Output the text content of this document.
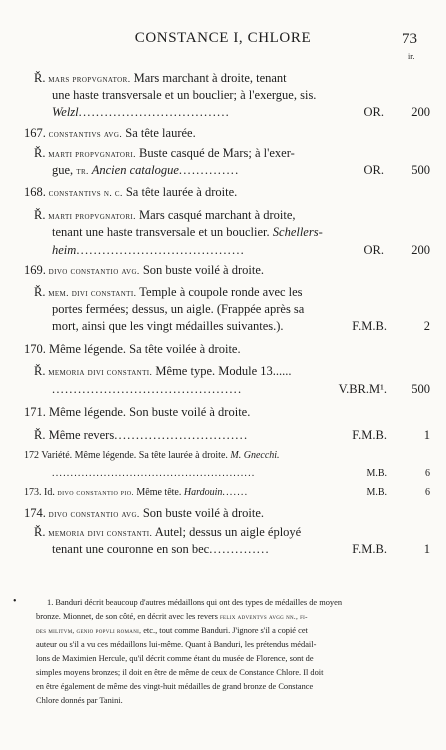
CONSTANCE I, CHLORE	73
ir.
Ř. mars propvgnator. Mars marchant à droite, tenant
une haste transversale et un bouclier; à l'exergue, sis.
Welzl...................................	OR.	200
167. constantivs avg. Sa tête laurée.
Ř. marti propvgnatori. Buste casqué de Mars; à l'exer-
gue, tr. Ancien catalogue..............	OR.	500
168. constantivs n. c. Sa tête laurée à droite.
Ř. marti propvgnatori. Mars casqué marchant à droite,
tenant une haste transversale et un bouclier. Schellers-
heim.......................................	OR.	200
169. divo constantio avg. Son buste voilé à droite.
Ř. mem. divi constanti. Temple à coupole ronde avec les
portes fermées; dessus, un aigle. (Frappée après sa
mort, ainsi que les vingt médailles suivantes.).	F.M.B.	2
170. Même légende. Sa tête voilée à droite.
Ř. memoria divi constanti. Même type. Module 13......
............................................	V.BR.M¹.	500
171. Même légende. Son buste voilé à droite.
Ř. Même revers...............................	F.M.B.	1
172 Variété. Même légende. Sa tête laurée à droite. M. Gnecchi.
.......................................................	M.B.	6
173. Id. divo constantio pio. Même tête. Hardouin.......	M.B.	6
174. divo constantio avg. Son buste voilé à droite.
Ř. memoria divi constanti. Autel; dessus un aigle éployé
tenant une couronne en son bec..............	F.M.B.	1
•	1. Banduri décrit beaucoup d'autres médaillons qui ont des types de médailles de moyen
bronze. Mionnet, de son côté, en décrit avec les revers felix adventvs avgg nn., fi-
des militvm, genio popvli romani, etc., tout comme Banduri. J'ignore s'il a copié cet
auteur ou s'il a vu ces médaillons lui-même. Quant à Banduri, les prétendus médail-
lons de Maximien Hercule, qu'il décrit comme étant du musée de Florence, sont de
simples moyens bronzes; il doit en être de même de ceux de Constance Chlore. Il doit
en être également de même des vingt-huit médailles de grand bronze de Constance
Chlore donnés par Tanini.
